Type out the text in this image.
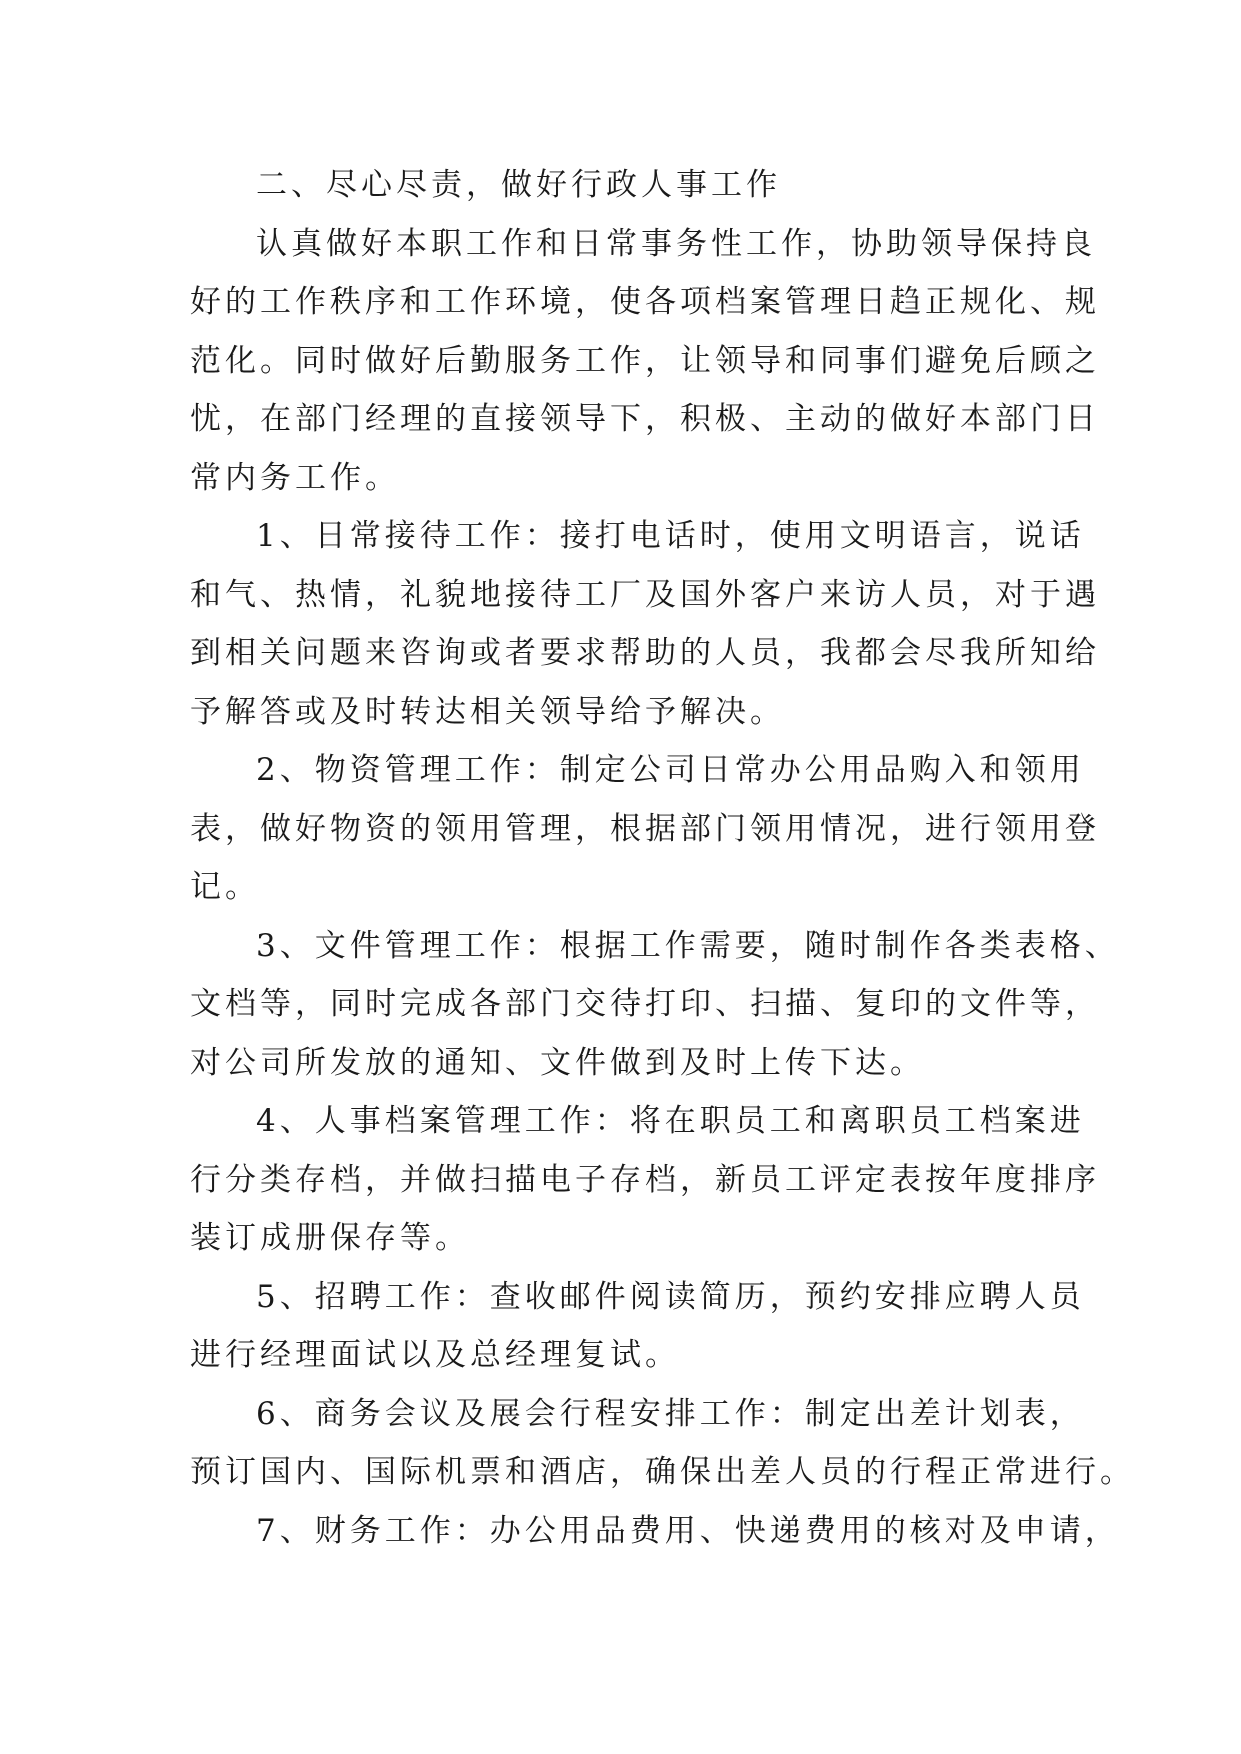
二、尽心尽责，做好行政人事工作
认真做好本职工作和日常事务性工作，协助领导保持良
好的工作秩序和工作环境，使各项档案管理日趋正规化、规
范化。同时做好后勤服务工作，让领导和同事们避免后顾之
忧，在部门经理的直接领导下，积极、主动的做好本部门日
常内务工作。
1、日常接待工作：接打电话时，使用文明语言，说话
和气、热情，礼貌地接待工厂及国外客户来访人员，对于遇
到相关问题来咨询或者要求帮助的人员，我都会尽我所知给
予解答或及时转达相关领导给予解决。
2、物资管理工作：制定公司日常办公用品购入和领用
表，做好物资的领用管理，根据部门领用情况，进行领用登
记。
3、文件管理工作：根据工作需要，随时制作各类表格、
文档等，同时完成各部门交待打印、扫描、复印的文件等，
对公司所发放的通知、文件做到及时上传下达。
4、人事档案管理工作：将在职员工和离职员工档案进
行分类存档，并做扫描电子存档，新员工评定表按年度排序
装订成册保存等。
5、招聘工作：查收邮件阅读简历，预约安排应聘人员
进行经理面试以及总经理复试。
6、商务会议及展会行程安排工作：制定出差计划表，
预订国内、国际机票和酒店，确保出差人员的行程正常进行。
7、财务工作：办公用品费用、快递费用的核对及申请，
